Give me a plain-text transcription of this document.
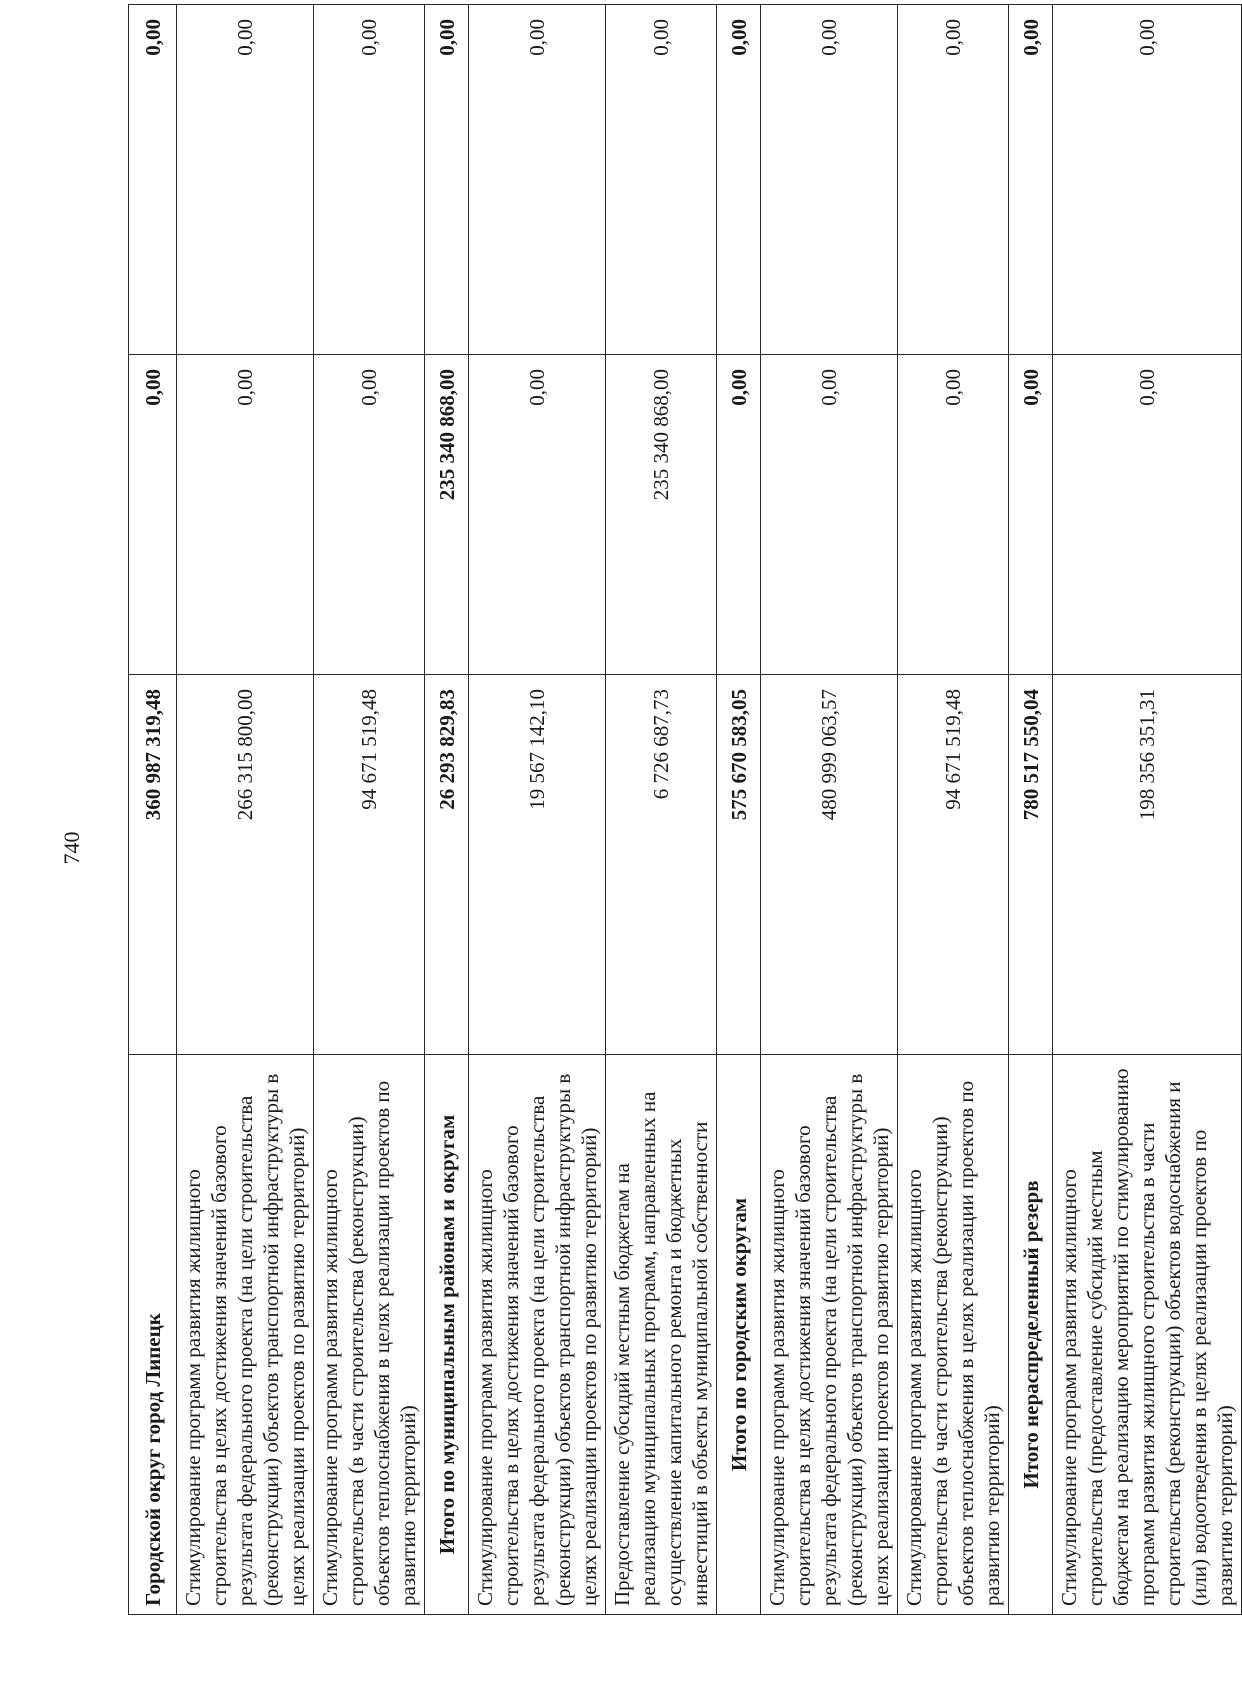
740
Городской округ город Липецк	360 987 319,48	0,00	0,00
Стимулирование программ развития жилищного строительства в целях достижения значений базового результата федерального проекта (на цели строительства (реконструкции) объектов транспортной инфраструктуры в целях реализации проектов по развитию территорий)	266 315 800,00	0,00	0,00
Стимулирование программ развития жилищного строительства (в части строительства (реконструкции) объектов теплоснабжения в целях реализации проектов по развитию территорий)	94 671 519,48	0,00	0,00
Итого по муниципальным районам и округам	26 293 829,83	235 340 868,00	0,00
Стимулирование программ развития жилищного строительства в целях достижения значений базового результата федерального проекта (на цели строительства (реконструкции) объектов транспортной инфраструктуры в целях реализации проектов по развитию территорий)	19 567 142,10	0,00	0,00
Предоставление субсидий местным бюджетам на реализацию муниципальных программ, направленных на осуществление капитального ремонта и бюджетных инвестиций в объекты муниципальной собственности	6 726 687,73	235 340 868,00	0,00
Итого по городским округам	575 670 583,05	0,00	0,00
Стимулирование программ развития жилищного строительства в целях достижения значений базового результата федерального проекта (на цели строительства (реконструкции) объектов транспортной инфраструктуры в целях реализации проектов по развитию территорий)	480 999 063,57	0,00	0,00
Стимулирование программ развития жилищного строительства (в части строительства (реконструкции) объектов теплоснабжения в целях реализации проектов по развитию территорий)	94 671 519,48	0,00	0,00
Итого нераспределенный резерв	780 517 550,04	0,00	0,00
Стимулирование программ развития жилищного строительства (предоставление субсидий местным бюджетам на реализацию мероприятий по стимулированию программ развития жилищного строительства в части строительства (реконструкции) объектов водоснабжения и (или) водоотведения в целях реализации проектов по развитию территорий)	198 356 351,31	0,00	0,00
